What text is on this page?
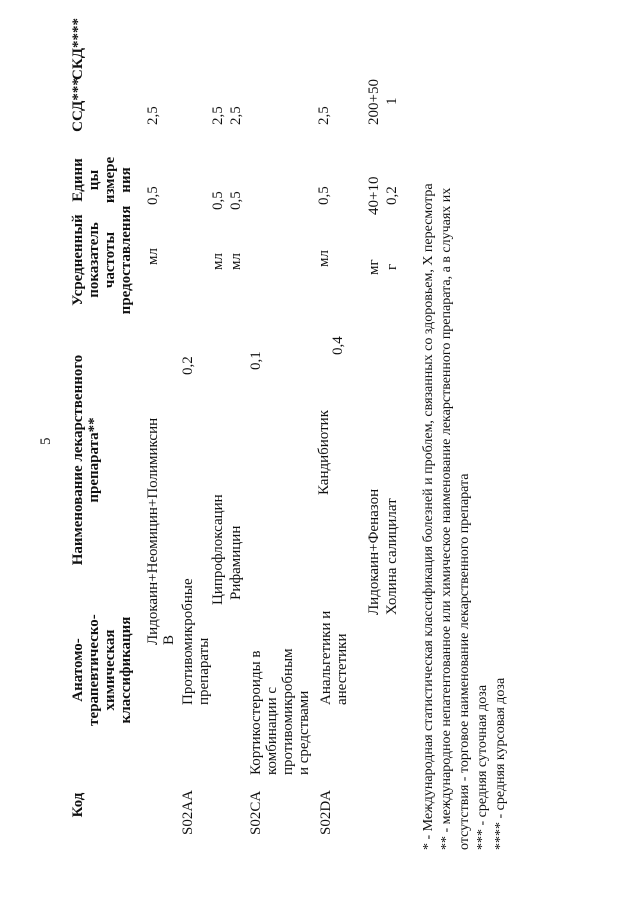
5
Код
Анатомо- терапевтическо- химическая классификация
Наименование лекарственного препарата**
Усредненный показатель частоты предоставления
Едини цы измере ния
ССД***
СКД****
S02AA
Противомикробные препараты
0,2
Лидокаин+Неомицин+Полимиксин B
мл
0,5
2,5
S02CA
Кортикостероиды в комбинации с противомикробным и средствами
0,1
Ципрофлоксацин
мл
0,5
2,5
Рифамицин
мл
0,5
2,5
S02DA
Анальгетики и анестетики
0,4
Кандибиотик
мл
0,5
2,5
Лидокаин+Феназон
мг
40+10
200+50
Холина салицилат
г
0,2
1
* - Международная статистическая классификация болезней и проблем, связанных со здоровьем, X пересмотра ** - международное непатентованное или химическое наименование лекарственного препарата, а в случаях их отсутствия - торговое наименование лекарственного препарата *** - средняя суточная доза **** - средняя курсовая доза
